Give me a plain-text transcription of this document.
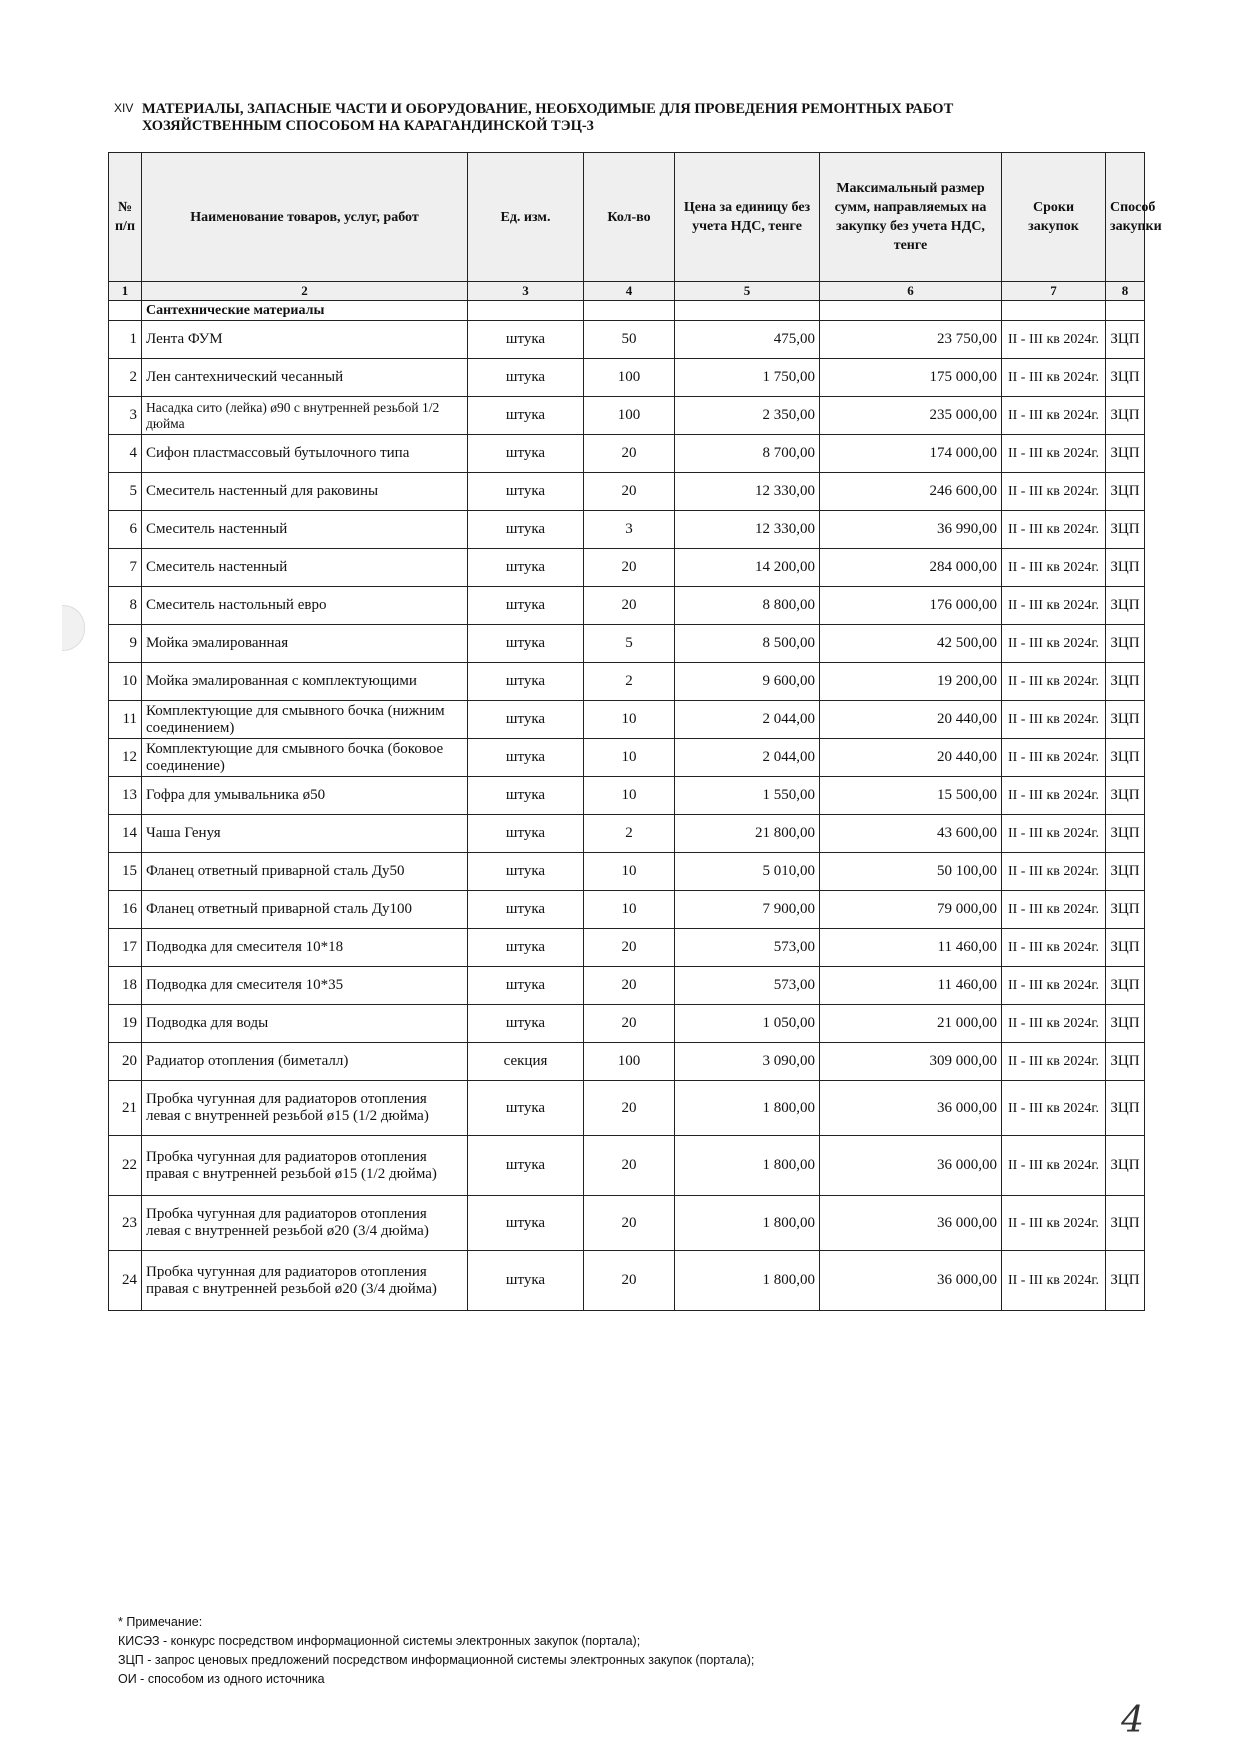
XIV МАТЕРИАЛЫ, ЗАПАСНЫЕ ЧАСТИ И ОБОРУДОВАНИЕ, НЕОБХОДИМЫЕ ДЛЯ ПРОВЕДЕНИЯ РЕМОНТНЫХ РАБОТ
ХОЗЯЙСТВЕННЫМ СПОСОБОМ НА КАРАГАНДИНСКОЙ ТЭЦ-3
№ п/п	Наименование товаров, услуг, работ	Ед. изм.	Кол-во	Цена за единицу без учета НДС, тенге	Максимальный размер сумм, направляемых на закупку без учета НДС, тенге	Сроки закупок	Способ закупки
1	2	3	4	5	6	7	8
	Сантехнические материалы						
1	Лента ФУМ	штука	50	475,00	23 750,00	II - III кв 2024г.	ЗЦП
2	Лен сантехнический чесанный	штука	100	1 750,00	175 000,00	II - III кв 2024г.	ЗЦП
3	Насадка сито (лейка) ø90 с внутренней резьбой 1/2 дюйма	штука	100	2 350,00	235 000,00	II - III кв 2024г.	ЗЦП
4	Сифон пластмассовый бутылочного типа	штука	20	8 700,00	174 000,00	II - III кв 2024г.	ЗЦП
5	Смеситель настенный для раковины	штука	20	12 330,00	246 600,00	II - III кв 2024г.	ЗЦП
6	Смеситель настенный	штука	3	12 330,00	36 990,00	II - III кв 2024г.	ЗЦП
7	Смеситель настенный	штука	20	14 200,00	284 000,00	II - III кв 2024г.	ЗЦП
8	Смеситель настольный евро	штука	20	8 800,00	176 000,00	II - III кв 2024г.	ЗЦП
9	Мойка эмалированная	штука	5	8 500,00	42 500,00	II - III кв 2024г.	ЗЦП
10	Мойка эмалированная с комплектующими	штука	2	9 600,00	19 200,00	II - III кв 2024г.	ЗЦП
11	Комплектующие для смывного бочка (нижним соединением)	штука	10	2 044,00	20 440,00	II - III кв 2024г.	ЗЦП
12	Комплектующие для смывного бочка (боковое соединение)	штука	10	2 044,00	20 440,00	II - III кв 2024г.	ЗЦП
13	Гофра для умывальника ø50	штука	10	1 550,00	15 500,00	II - III кв 2024г.	ЗЦП
14	Чаша Генуя	штука	2	21 800,00	43 600,00	II - III кв 2024г.	ЗЦП
15	Фланец ответный приварной сталь Ду50	штука	10	5 010,00	50 100,00	II - III кв 2024г.	ЗЦП
16	Фланец ответный приварной сталь Ду100	штука	10	7 900,00	79 000,00	II - III кв 2024г.	ЗЦП
17	Подводка для смесителя 10*18	штука	20	573,00	11 460,00	II - III кв 2024г.	ЗЦП
18	Подводка для смесителя 10*35	штука	20	573,00	11 460,00	II - III кв 2024г.	ЗЦП
19	Подводка для воды	штука	20	1 050,00	21 000,00	II - III кв 2024г.	ЗЦП
20	Радиатор отопления (биметалл)	секция	100	3 090,00	309 000,00	II - III кв 2024г.	ЗЦП
21	Пробка чугунная для радиаторов отопления левая с внутренней резьбой ø15 (1/2 дюйма)	штука	20	1 800,00	36 000,00	II - III кв 2024г.	ЗЦП
22	Пробка чугунная для радиаторов отопления правая с внутренней резьбой ø15 (1/2 дюйма)	штука	20	1 800,00	36 000,00	II - III кв 2024г.	ЗЦП
23	Пробка чугунная для радиаторов отопления левая с внутренней резьбой ø20 (3/4 дюйма)	штука	20	1 800,00	36 000,00	II - III кв 2024г.	ЗЦП
24	Пробка чугунная для радиаторов отопления правая с внутренней резьбой ø20 (3/4 дюйма)	штука	20	1 800,00	36 000,00	II - III кв 2024г.	ЗЦП
* Примечание:
КИСЭЗ - конкурс посредством информационной системы электронных закупок (портала);
ЗЦП - запрос ценовых предложений посредством информационной системы электронных закупок (портала);
ОИ - способом из одного источника
4
